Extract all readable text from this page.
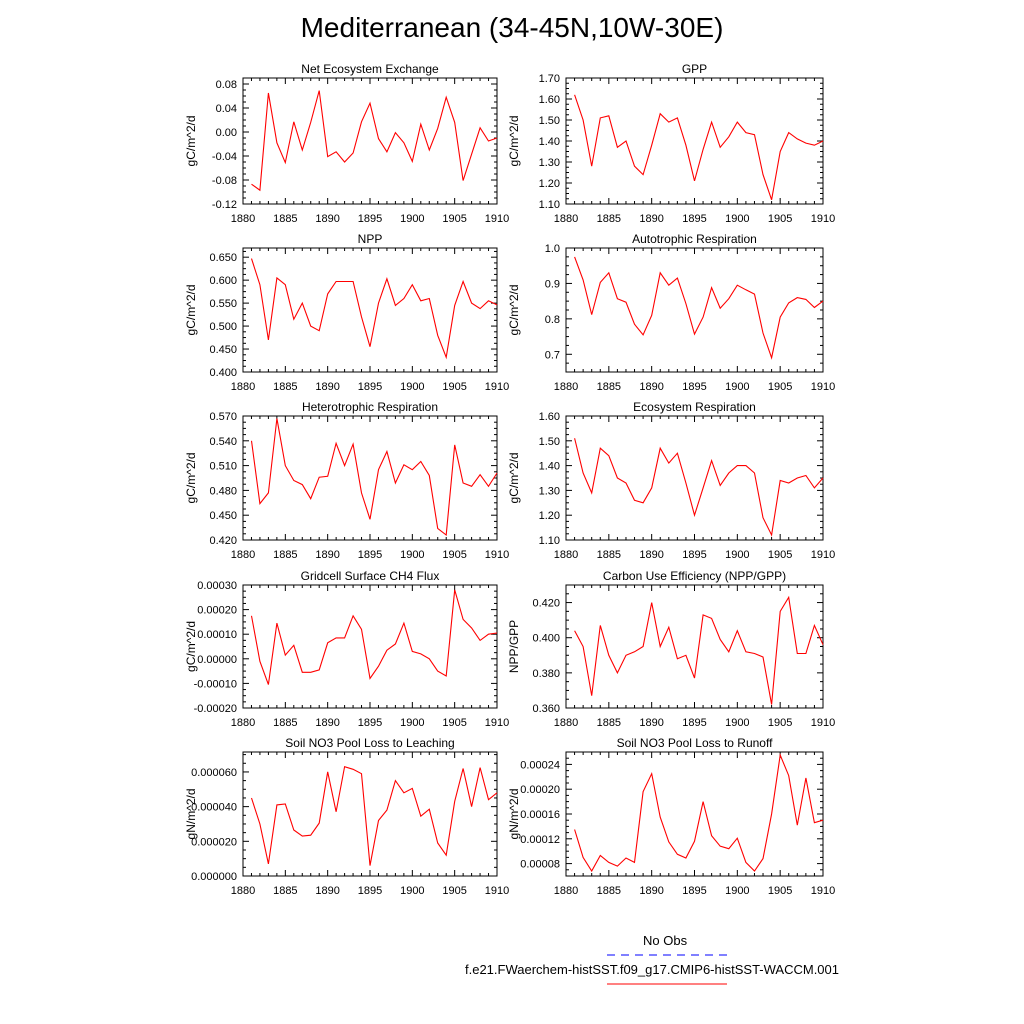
Mediterranean (34-45N,10W-30E)
Net Ecosystem Exchange
gC/m^2/d
1880 1885 1890 1895 1900 1905 1910
0.08
0.04
0.00
-0.04
-0.08
-0.12
GPP
gC/m^2/d
1880 1885 1890 1895 1900 1905 1910
1.70
1.60
1.50
1.40
1.30
1.20
1.10
NPP
gC/m^2/d
1880 1885 1890 1895 1900 1905 1910
0.650
0.600
0.550
0.500
0.450
0.400
Autotrophic Respiration
gC/m^2/d
1880 1885 1890 1895 1900 1905 1910
1.0
0.9
0.8
0.7
Heterotrophic Respiration
gC/m^2/d
1880 1885 1890 1895 1900 1905 1910
0.570
0.540
0.510
0.480
0.450
0.420
Ecosystem Respiration
gC/m^2/d
1880 1885 1890 1895 1900 1905 1910
1.60
1.50
1.40
1.30
1.20
1.10
Gridcell Surface CH4 Flux
gC/m^2/d
1880 1885 1890 1895 1900 1905 1910
0.00030
0.00020
0.00010
0.00000
-0.00010
-0.00020
Carbon Use Efficiency (NPP/GPP)
NPP/GPP
1880 1885 1890 1895 1900 1905 1910
0.420
0.400
0.380
0.360
Soil NO3 Pool Loss to Leaching
gN/m^2/d
1880 1885 1890 1895 1900 1905 1910
0.000060
0.000040
0.000020
0.000000
Soil NO3 Pool Loss to Runoff
gN/m^2/d
1880 1885 1890 1895 1900 1905 1910
0.00024
0.00020
0.00016
0.00012
0.00008
No Obs
f.e21.FWaerchem-histSST.f09_g17.CMIP6-histSST-WACCM.001
